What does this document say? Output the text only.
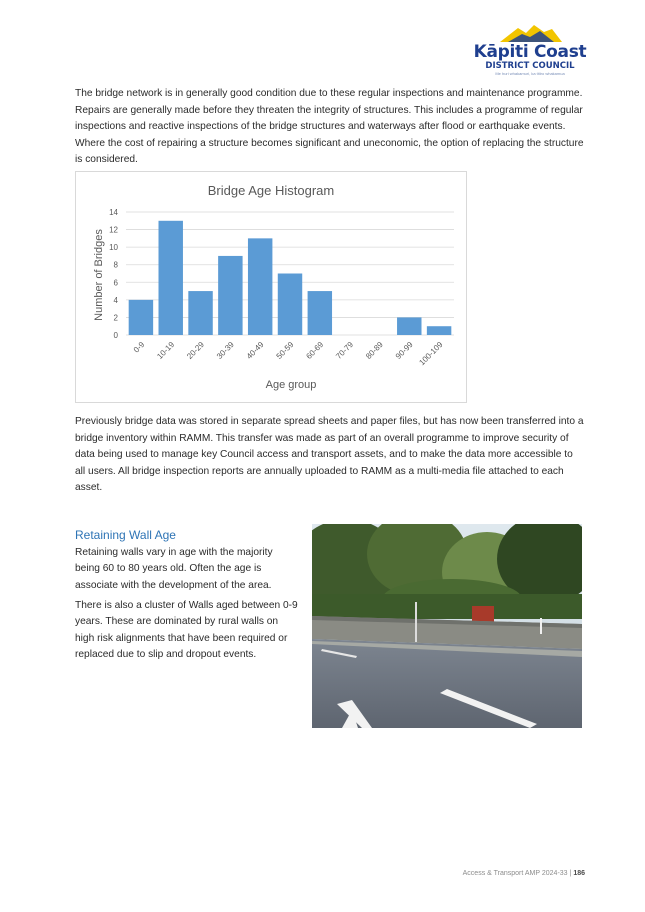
Kāpiti Coast
DISTRICT COUNCIL
Me huri whakamuri, ka titiro whakamua

The bridge network is in generally good condition due to these regular inspections and maintenance programme. Repairs are generally made before they threaten the integrity of structures. This includes a programme of regular inspections and reactive inspections of the bridge structures and waterways after flood or earthquake events. Where the cost of repairing a structure becomes significant and uneconomic, the option of replacing the structure is considered.

Bridge Age Histogram
0
2
4
6
8
10
12
14
0-9 10-19 20-29 30-39 40-49 50-59 60-69 70-79 80-89 90-99 100-109
Number of Bridges
Age group

Previously bridge data was stored in separate spread sheets and paper files, but has now been transferred into a bridge inventory within RAMM. This transfer was made as part of an overall programme to improve security of data being used to manage key Council access and transport assets, and to make the data more accessible to all users. All bridge inspection reports are annually uploaded to RAMM as a multi-media file attached to each asset.

Retaining Wall Age

Retaining walls vary in age with the majority being 60 to 80 years old. Often the age is associate with the development of the area.

There is also a cluster of Walls aged between 0-9 years. These are dominated by rural walls on high risk alignments that have been required or replaced due to slip and dropout events.

Access & Transport AMP 2024-33 | 186
